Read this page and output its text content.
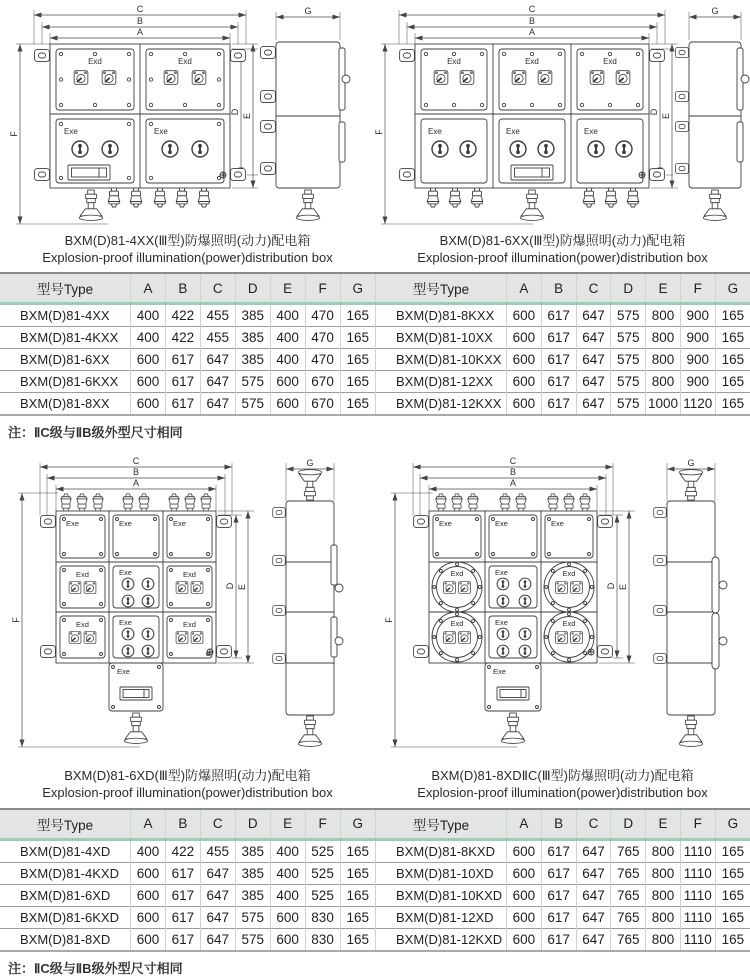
C
B
A
F
D
E
Exd	Exd
Exe	Exe
G	C
B
A
F
D
E
Exd	Exd	Exd
Exe	Exe	Exe
G
BXM(D)81-4XX(Ⅲ型)防爆照明(动力)配电箱
Explosion-proof illumination(power)distribution box
BXM(D)81-6XX(Ⅲ型)防爆照明(动力)配电箱
Explosion-proof illumination(power)distribution box
型号Type	A	B	C	D	E	F	G
BXM(D)81-4XX	400	422	455	385	400	470	165
BXM(D)81-4KXX	400	422	455	385	400	470	165
BXM(D)81-6XX	600	617	647	385	400	470	165
BXM(D)81-6KXX	600	617	647	575	600	670	165
BXM(D)81-8XX	600	617	647	575	600	670	165
型号Type	A	B	C	D	E	F	G
BXM(D)81-8KXX	600	617	647	575	800	900	165
BXM(D)81-10XX	600	617	647	575	800	900	165
BXM(D)81-10KXX	600	617	647	575	800	900	165
BXM(D)81-12XX	600	617	647	575	800	900	165
BXM(D)81-12KXX	600	617	647	575	1000	1120	165
注：ⅡC级与ⅡB级外型尺寸相同
C
B
A
F
D E
Exe	Exe	Exe
Exd	Exe	Exd
Exd	Exe	Exd
Exe
G	C
B
A
F
D E
Exe	Exe	Exe
Exd	Exd
Exe
Exd	Exd
Exe
Exe
G
BXM(D)81-6XD(Ⅲ型)防爆照明(动力)配电箱
Explosion-proof illumination(power)distribution box
BXM(D)81-8XDⅡC(Ⅲ型)防爆照明(动力)配电箱
Explosion-proof illumination(power)distribution box
型号Type	A	B	C	D	E	F	G
BXM(D)81-4XD	400	422	455	385	400	525	165
BXM(D)81-4KXD	600	617	647	385	400	525	165
BXM(D)81-6XD	600	617	647	385	400	525	165
BXM(D)81-6KXD	600	617	647	575	600	830	165
BXM(D)81-8XD	600	617	647	575	600	830	165
型号Type	A	B	C	D	E	F	G
BXM(D)81-8KXD	600	617	647	765	800	1110	165
BXM(D)81-10XD	600	617	647	765	800	1110	165
BXM(D)81-10KXD	600	617	647	765	800	1110	165
BXM(D)81-12XD	600	617	647	765	800	1110	165
BXM(D)81-12KXD	600	617	647	765	800	1110	165
注：ⅡC级与ⅡB级外型尺寸相同
